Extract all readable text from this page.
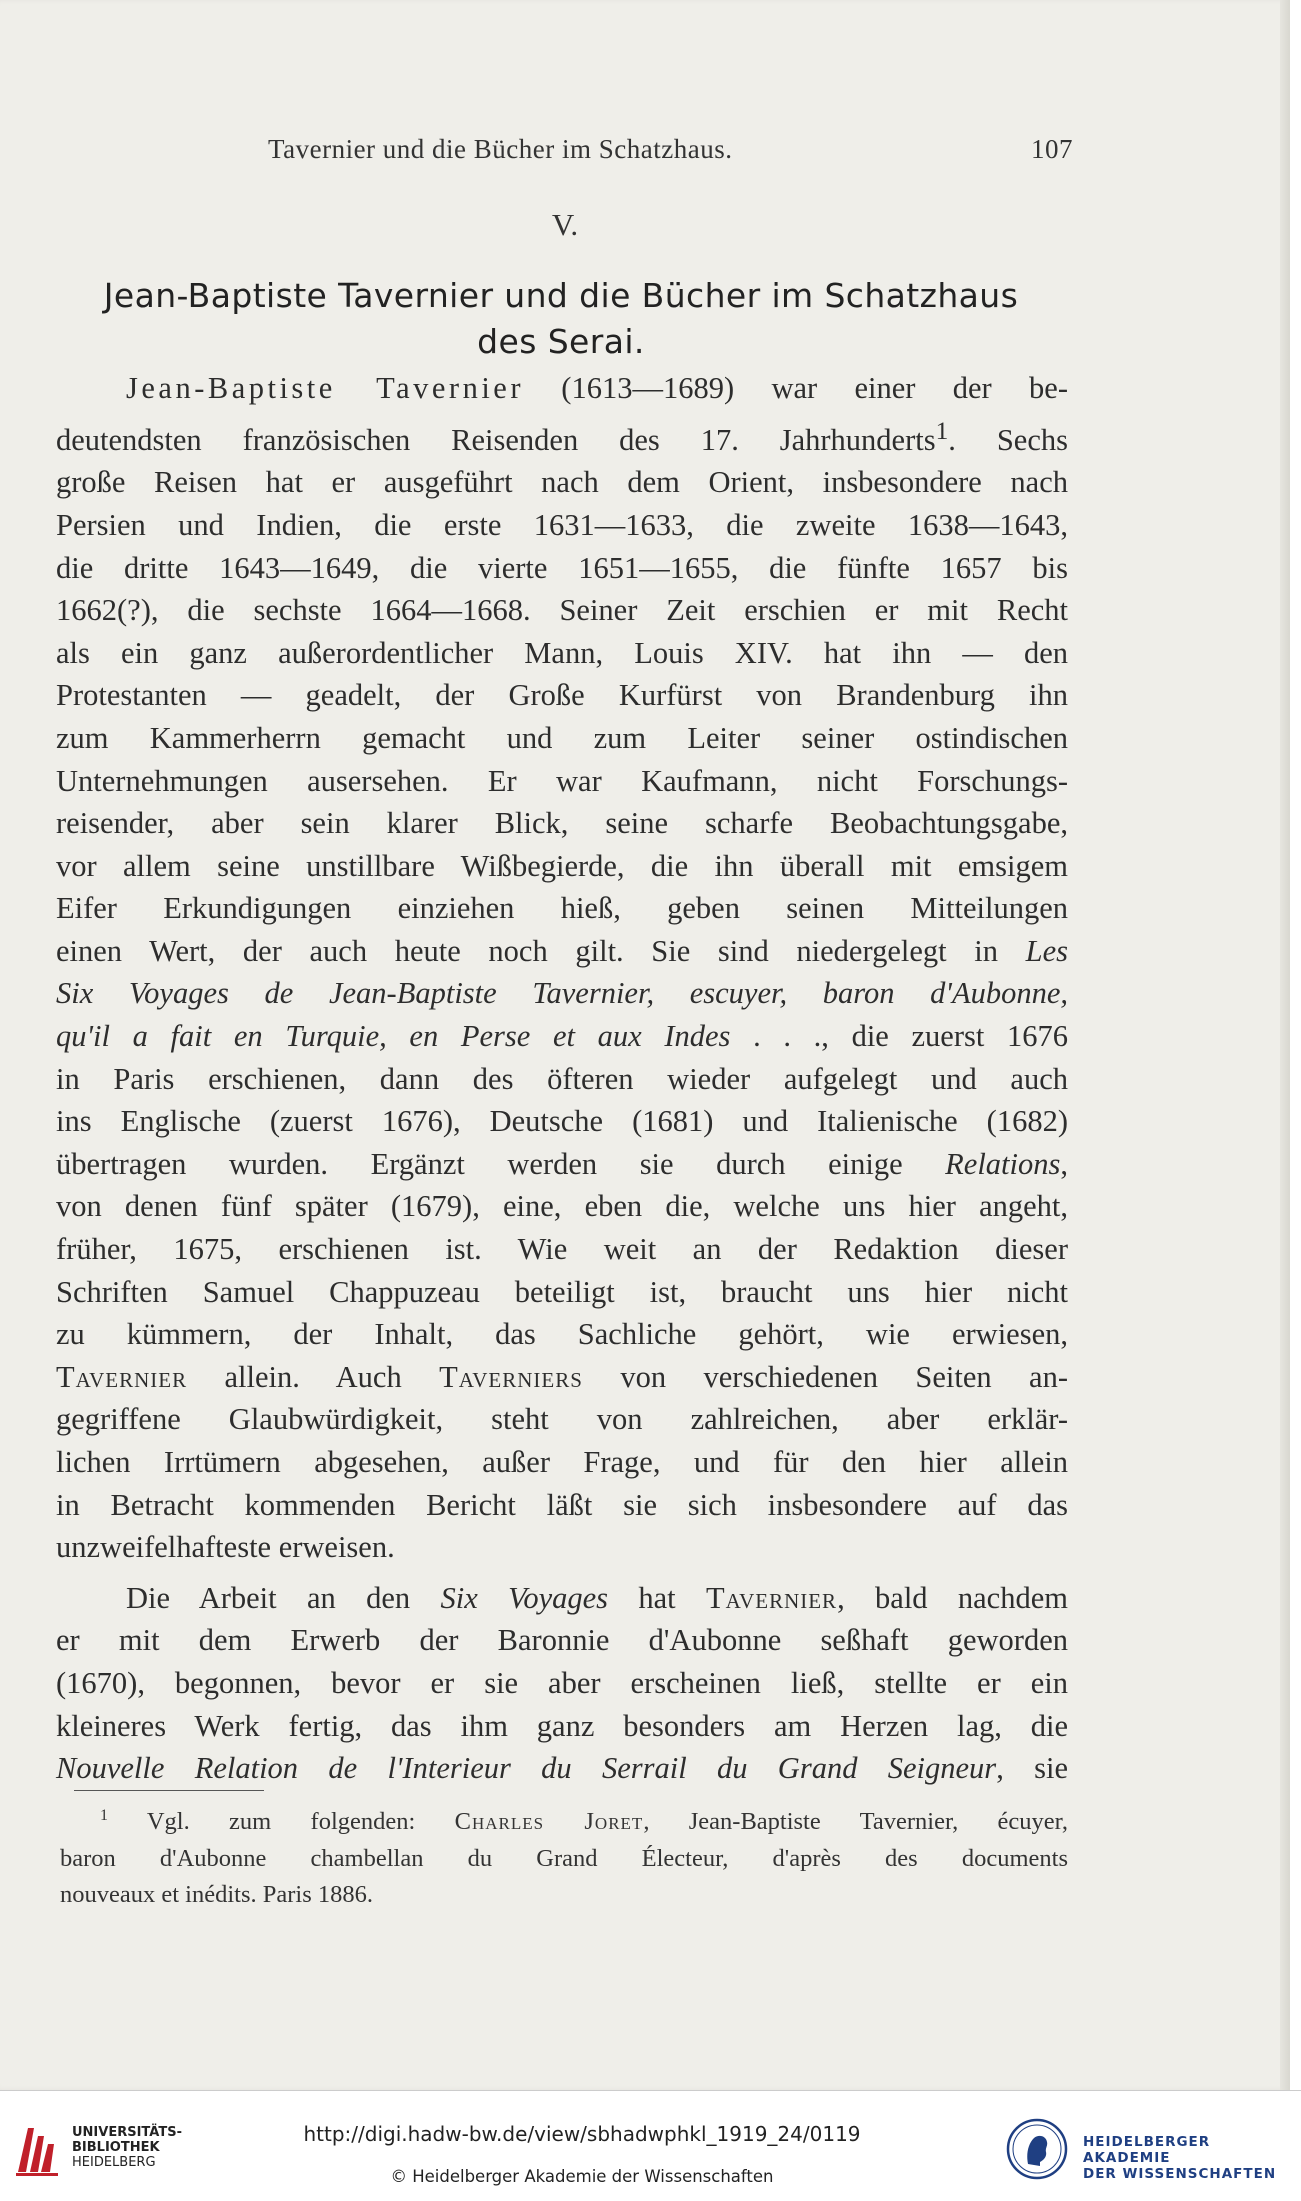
Tavernier und die Bücher im Schatzhaus.	107
V.
Jean-Baptiste Tavernier und die Bücher im Schatzhaus
des Serai.
Jean-Baptiste Tavernier (1613—1689) war einer der be-
deutendsten französischen Reisenden des 17. Jahrhunderts$^1$. Sechs
große Reisen hat er ausgeführt nach dem Orient, insbesondere nach
Persien und Indien, die erste 1631—1633, die zweite 1638—1643,
die dritte 1643—1649, die vierte 1651—1655, die fünfte 1657 bis
1662(?), die sechste 1664—1668. Seiner Zeit erschien er mit Recht
als ein ganz außerordentlicher Mann, Louis XIV. hat ihn — den
Protestanten — geadelt, der Große Kurfürst von Brandenburg ihn
zum Kammerherrn gemacht und zum Leiter seiner ostindischen
Unternehmungen ausersehen. Er war Kaufmann, nicht Forschungs-
reisender, aber sein klarer Blick, seine scharfe Beobachtungsgabe,
vor allem seine unstillbare Wißbegierde, die ihn überall mit emsigem
Eifer Erkundigungen einziehen hieß, geben seinen Mitteilungen
einen Wert, der auch heute noch gilt. Sie sind niedergelegt in Les
Six Voyages de Jean-Baptiste Tavernier, escuyer, baron d'Aubonne,
qu'il a fait en Turquie, en Perse et aux Indes . . ., die zuerst 1676
in Paris erschienen, dann des öfteren wieder aufgelegt und auch
ins Englische (zuerst 1676), Deutsche (1681) und Italienische (1682)
übertragen wurden. Ergänzt werden sie durch einige Relations,
von denen fünf später (1679), eine, eben die, welche uns hier angeht,
früher, 1675, erschienen ist. Wie weit an der Redaktion dieser
Schriften Samuel Chappuzeau beteiligt ist, braucht uns hier nicht
zu kümmern, der Inhalt, das Sachliche gehört, wie erwiesen,
Tavernier allein. Auch Taverniers von verschiedenen Seiten an-
gegriffene Glaubwürdigkeit, steht von zahlreichen, aber erklär-
lichen Irrtümern abgesehen, außer Frage, und für den hier allein
in Betracht kommenden Bericht läßt sie sich insbesondere auf das
unzweifelhafteste erweisen.
Die Arbeit an den Six Voyages hat Tavernier, bald nachdem
er mit dem Erwerb der Baronnie d'Aubonne seßhaft geworden
(1670), begonnen, bevor er sie aber erscheinen ließ, stellte er ein
kleineres Werk fertig, das ihm ganz besonders am Herzen lag, die
Nouvelle Relation de l'Interieur du Serrail du Grand Seigneur, sie
$^1$ Vgl. zum folgenden: Charles Joret, Jean-Baptiste Tavernier, écuyer,
baron d'Aubonne chambellan du Grand Électeur, d'après des documents
nouveaux et inédits. Paris 1886.
UNIVERSITÄTS-
BIBLIOTHEK
HEIDELBERG
http://digi.hadw-bw.de/view/sbhadwphkl_1919_24/0119
© Heidelberger Akademie der Wissenschaften
HEIDELBERGER AKADEMIE
DER WISSENSCHAFTEN
